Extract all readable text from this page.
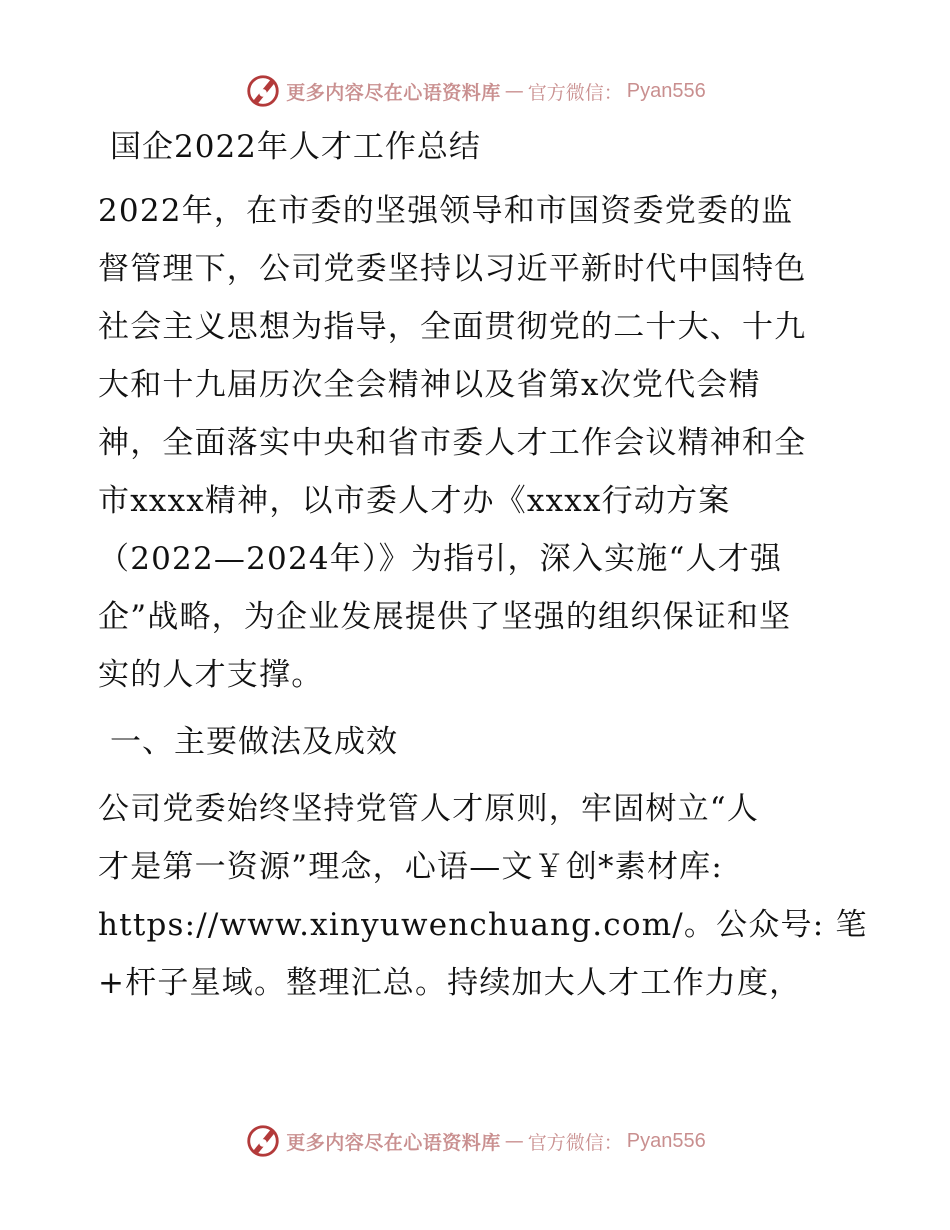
更多内容尽在心语资料库 — 官方微信： Pyan556
国企2022年人才工作总结

2022年，在市委的坚强领导和市国资委党委的监
督管理下，公司党委坚持以习近平新时代中国特色
社会主义思想为指导，全面贯彻党的二十大、十九
大和十九届历次全会精神以及省第x次党代会精
神，全面落实中央和省市委人才工作会议精神和全
市xxxx精神，以市委人才办《xxxx行动方案
（2022—2024年）》为指引，深入实施“人才强
企”战略，为企业发展提供了坚强的组织保证和坚
实的人才支撑。

一、主要做法及成效

公司党委始终坚持党管人才原则，牢固树立“人
才是第一资源”理念，心语—文￥创*素材库:
https://www.xinyuwenchuang.com/。公众号: 笔
+杆子星域。整理汇总。持续加大人才工作力度，

更多内容尽在心语资料库 — 官方微信： Pyan556
